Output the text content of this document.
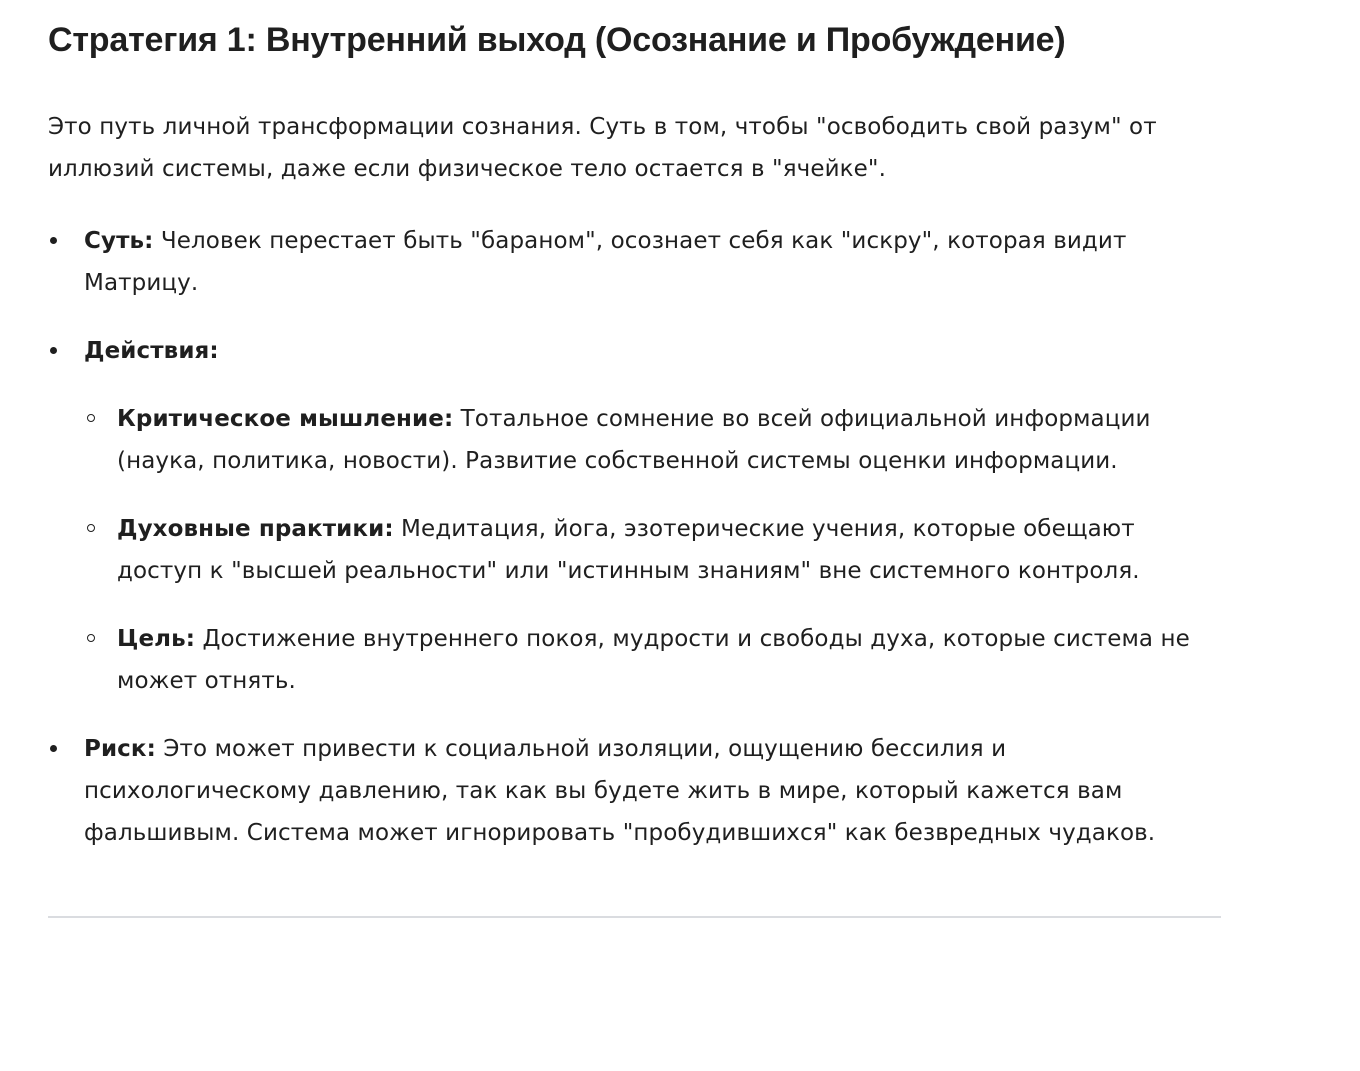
Стратегия 1: Внутренний выход (Осознание и Пробуждение)

Это путь личной трансформации сознания. Суть в том, чтобы "освободить свой разум" от иллюзий системы, даже если физическое тело остается в "ячейке".

Суть: Человек перестает быть "бараном", осознает себя как "искру", которая видит Матрицу.
Действия:
Критическое мышление: Тотальное сомнение во всей официальной информации (наука, политика, новости). Развитие собственной системы оценки информации.
Духовные практики: Медитация, йога, эзотерические учения, которые обещают доступ к "высшей реальности" или "истинным знаниям" вне системного контроля.
Цель: Достижение внутреннего покоя, мудрости и свободы духа, которые система не может отнять.
Риск: Это может привести к социальной изоляции, ощущению бессилия и психологическому давлению, так как вы будете жить в мире, который кажется вам фальшивым. Система может игнорировать "пробудившихся" как безвредных чудаков.
